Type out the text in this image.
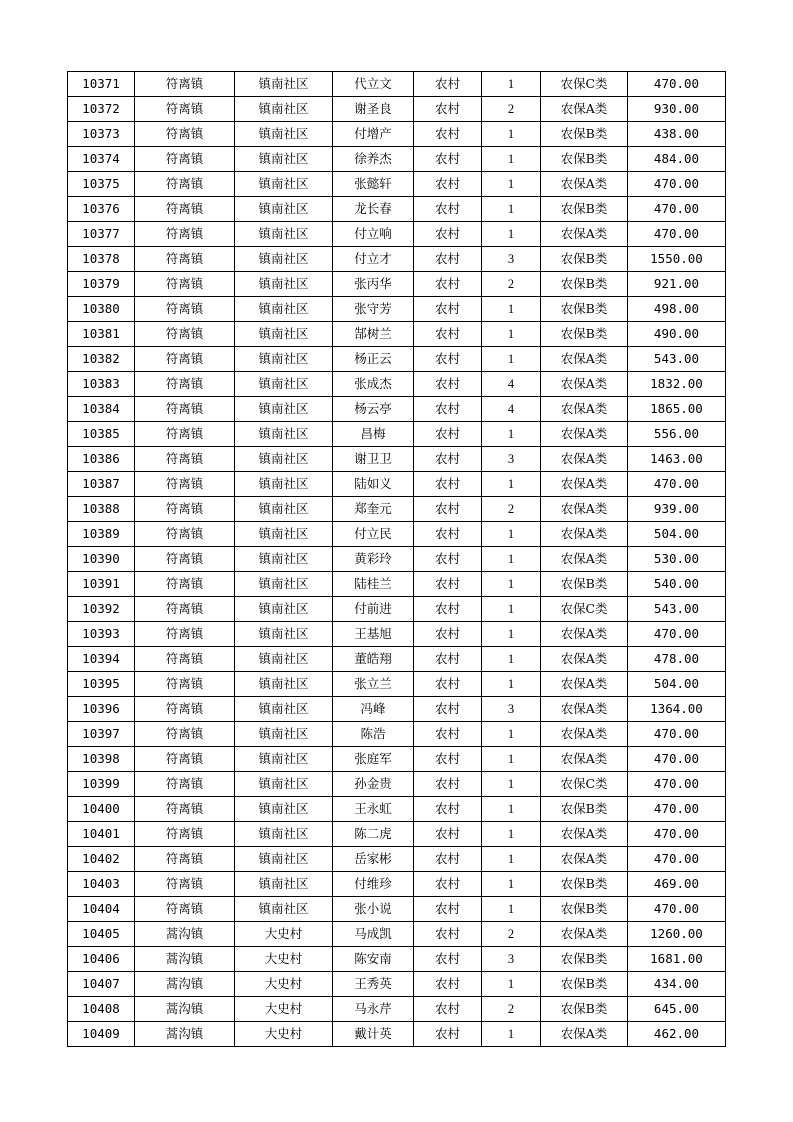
10371	符离镇	镇南社区	代立文	农村	1	农保C类	470.00
10372	符离镇	镇南社区	谢圣良	农村	2	农保A类	930.00
10373	符离镇	镇南社区	付增产	农村	1	农保B类	438.00
10374	符离镇	镇南社区	徐养杰	农村	1	农保B类	484.00
10375	符离镇	镇南社区	张懿轩	农村	1	农保A类	470.00
10376	符离镇	镇南社区	龙长春	农村	1	农保B类	470.00
10377	符离镇	镇南社区	付立响	农村	1	农保A类	470.00
10378	符离镇	镇南社区	付立才	农村	3	农保B类	1550.00
10379	符离镇	镇南社区	张丙华	农村	2	农保B类	921.00
10380	符离镇	镇南社区	张守芳	农村	1	农保B类	498.00
10381	符离镇	镇南社区	郜树兰	农村	1	农保B类	490.00
10382	符离镇	镇南社区	杨正云	农村	1	农保A类	543.00
10383	符离镇	镇南社区	张成杰	农村	4	农保A类	1832.00
10384	符离镇	镇南社区	杨云亭	农村	4	农保A类	1865.00
10385	符离镇	镇南社区	昌梅	农村	1	农保A类	556.00
10386	符离镇	镇南社区	谢卫卫	农村	3	农保A类	1463.00
10387	符离镇	镇南社区	陆如义	农村	1	农保A类	470.00
10388	符离镇	镇南社区	郑奎元	农村	2	农保A类	939.00
10389	符离镇	镇南社区	付立民	农村	1	农保A类	504.00
10390	符离镇	镇南社区	黄彩玲	农村	1	农保A类	530.00
10391	符离镇	镇南社区	陆桂兰	农村	1	农保B类	540.00
10392	符离镇	镇南社区	付前进	农村	1	农保C类	543.00
10393	符离镇	镇南社区	王基旭	农村	1	农保A类	470.00
10394	符离镇	镇南社区	董皓翔	农村	1	农保A类	478.00
10395	符离镇	镇南社区	张立兰	农村	1	农保A类	504.00
10396	符离镇	镇南社区	冯峰	农村	3	农保A类	1364.00
10397	符离镇	镇南社区	陈浩	农村	1	农保A类	470.00
10398	符离镇	镇南社区	张庭军	农村	1	农保A类	470.00
10399	符离镇	镇南社区	孙金贵	农村	1	农保C类	470.00
10400	符离镇	镇南社区	王永虹	农村	1	农保B类	470.00
10401	符离镇	镇南社区	陈二虎	农村	1	农保A类	470.00
10402	符离镇	镇南社区	岳家彬	农村	1	农保A类	470.00
10403	符离镇	镇南社区	付维珍	农村	1	农保B类	469.00
10404	符离镇	镇南社区	张小说	农村	1	农保B类	470.00
10405	蒿沟镇	大史村	马成凯	农村	2	农保A类	1260.00
10406	蒿沟镇	大史村	陈安南	农村	3	农保B类	1681.00
10407	蒿沟镇	大史村	王秀英	农村	1	农保B类	434.00
10408	蒿沟镇	大史村	马永芹	农村	2	农保B类	645.00
10409	蒿沟镇	大史村	戴计英	农村	1	农保A类	462.00
